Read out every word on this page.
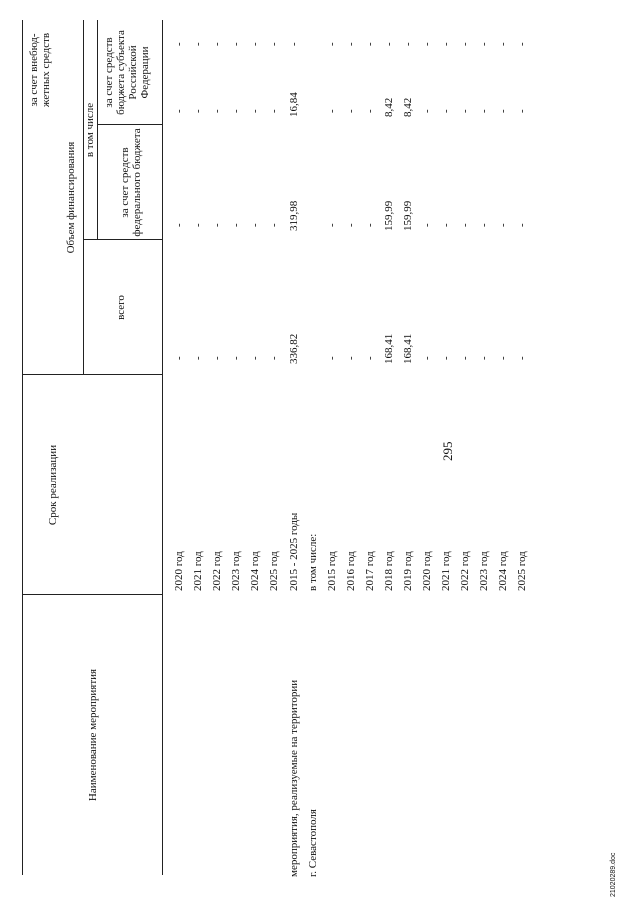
295
21020289.doc
Наименование мероприятия
Срок реализации
Объем финансирования
всего
в том числе
за счет средств федерального бюджета
за счет средств бюджета субъекта Российской Федерации
за счет внебюд- жетных средств
мероприятия, реализуемые на территории г. Севастополя
в том числе:
2020 год
-
-
-
-
2021 год
-
-
-
-
2022 год
-
-
-
-
2023 год
-
-
-
-
2024 год
-
-
-
-
2025 год
-
-
-
-
2015 - 2025 годы
336,82
319,98
16,84
-
2015 год
-
-
-
-
2016 год
-
-
-
-
2017 год
-
-
-
-
2018 год
168,41
159,99
8,42
-
2019 год
168,41
159,99
8,42
-
2020 год
-
-
-
-
2021 год
-
-
-
-
2022 год
-
-
-
-
2023 год
-
-
-
-
2024 год
-
-
-
-
2025 год
-
-
-
-
